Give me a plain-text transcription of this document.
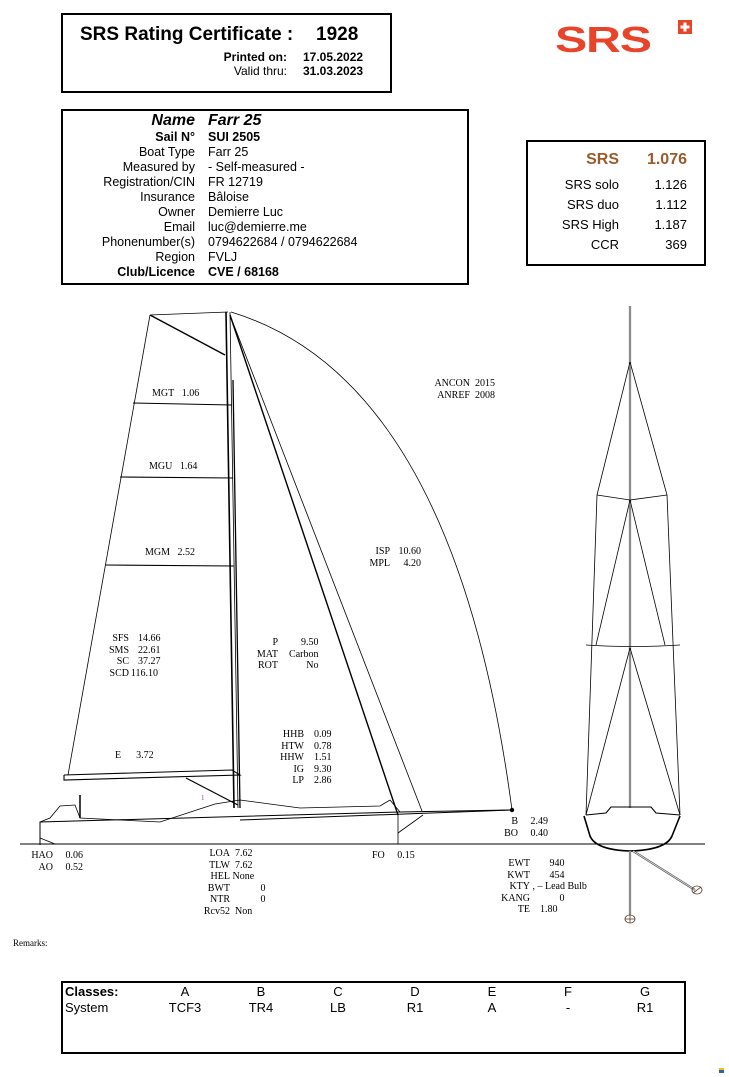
SRS Rating Certificate : 1928
Printed on: 17.05.2022
Valid thru: 31.03.2023
SRS
Name Farr 25
Sail N° SUI 2505
Boat Type Farr 25
Measured by - Self-measured -
Registration/CIN FR 12719
Insurance Bâloise
Owner Demierre Luc
Email luc@demierre.me
Phonenumber(s) 0794622684 / 0794622684
Region FVLJ
Club/Licence CVE / 68168
SRS 1.076
SRS solo	1.126
SRS duo	1.112
SRS High	1.187
CCR	369
1
MGT 1.06
MGU 1.64
MGM 2.52
ANCON 2015
ANREF 2008
ISP 10.60
MPL 4.20
SFS 14.66
SMS 22.61
SC 37.27
SCD 116.10
P 9.50
MAT Carbon
ROT	No
E 3.72
HHB 0.09
HTW 0.78
HHW 1.51
IG 9.30
LP 2.86
B 2.49
BO 0.40
HAO 0.06
AO 0.52
LOA 7.62
TLW 7.62
HEL None
BWT	0
NTR	0
Rcv52 Non
FO 0.15
EWT 940
KWT 454
KTY , – Lead Bulb
KANG	0
TE 1.80
Remarks:
Classes:	A	B	C	D	E	F	G
System	TCF3	TR4	LB	R1	A	-	R1
